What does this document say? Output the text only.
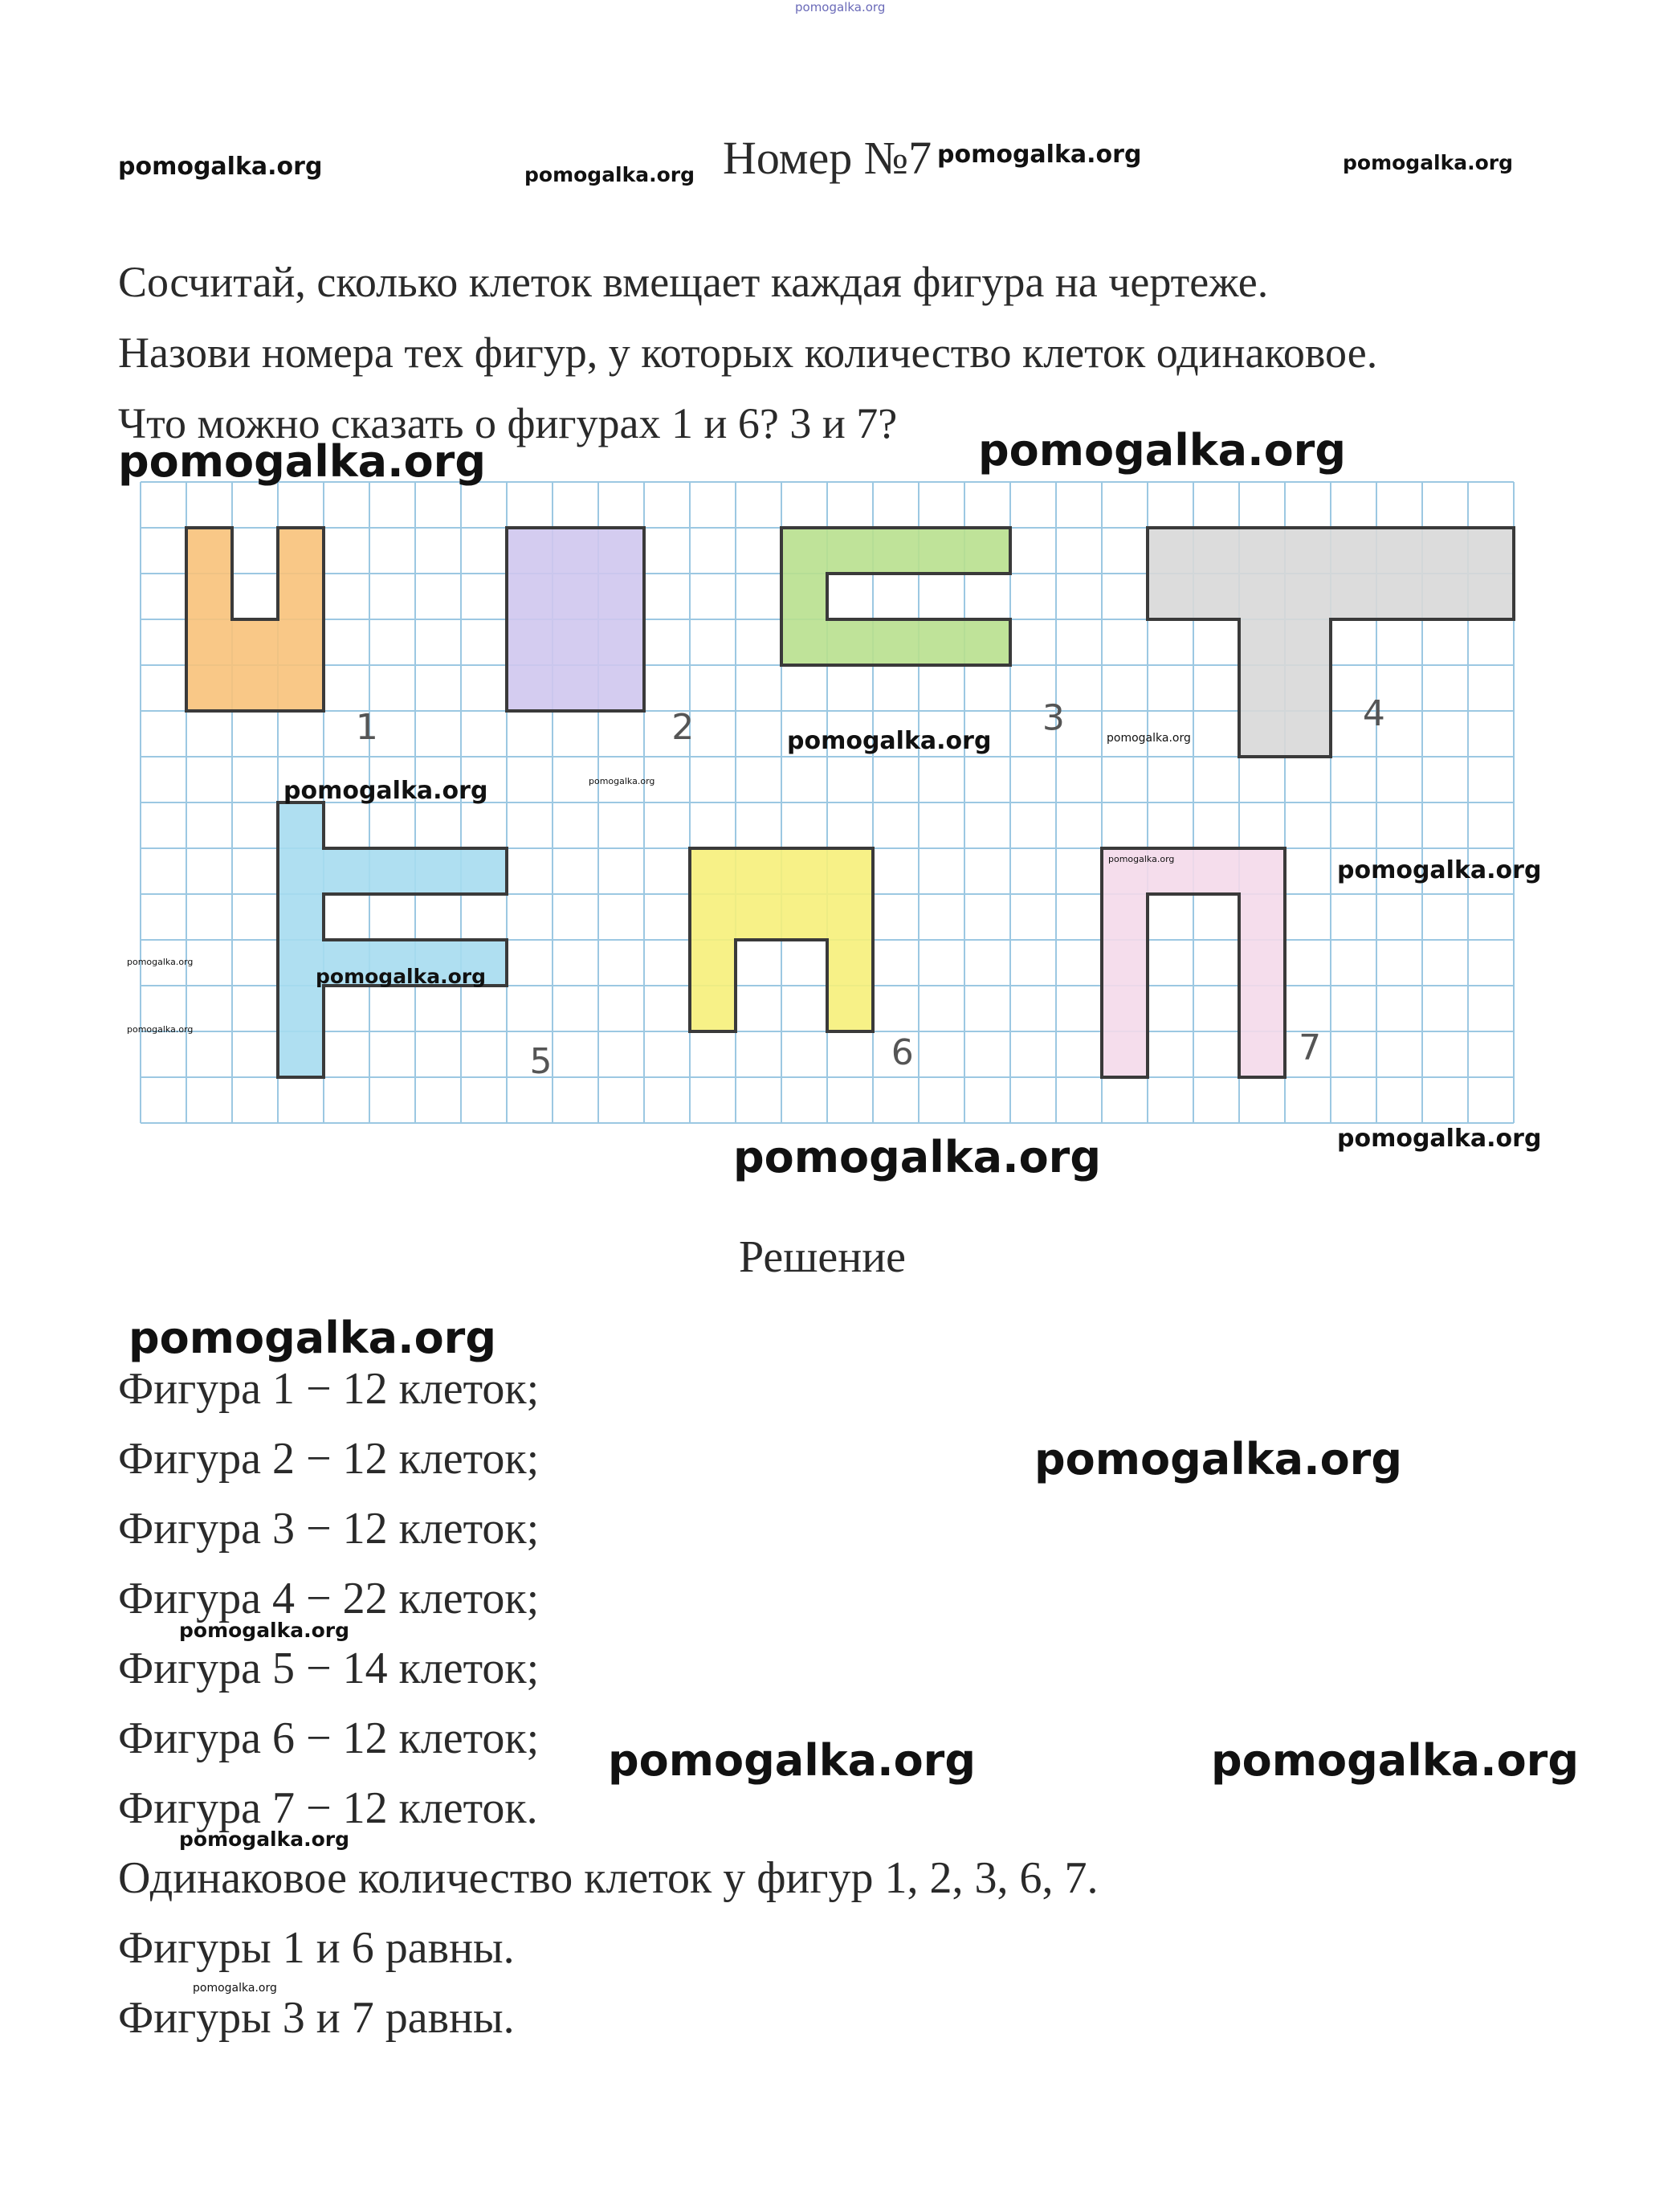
pomogalka.org
pomogalka.org	pomogalka.org Номер №7 pomogalka.org	pomogalka.org
Сосчитай, сколько клеток вмещает каждая фигура на чертеже.
Назови номера тех фигур, у которых количество клеток одинаковое.
Что можно сказать о фигурах 1 и 6? 3 и 7?
1	2	3	4
5	6	7
pomogalka.org	pomogalka.org
pomogalka.org	pomogalka.org
pomogalka.org	pomogalka.org
pomogalka.org
pomogalka.org
pomogalka.org
pomogalka.org
pomogalka.org
pomogalka.org	pomogalka.org
Решение
pomogalka.org
pomogalka.org
Фигура 1 − 12 клеток;
Фигура 2 − 12 клеток;
Фигура 3 − 12 клеток;
Фигура 4 − 22 клеток;
Фигура 5 − 14 клеток;
Фигура 6 − 12 клеток;
Фигура 7 − 12 клеток.
Одинаковое количество клеток у фигур 1, 2, 3, 6, 7.
Фигуры 1 и 6 равны.
Фигуры 3 и 7 равны.
pomogalka.org
pomogalka.org	pomogalka.org
pomogalka.org
pomogalka.org
